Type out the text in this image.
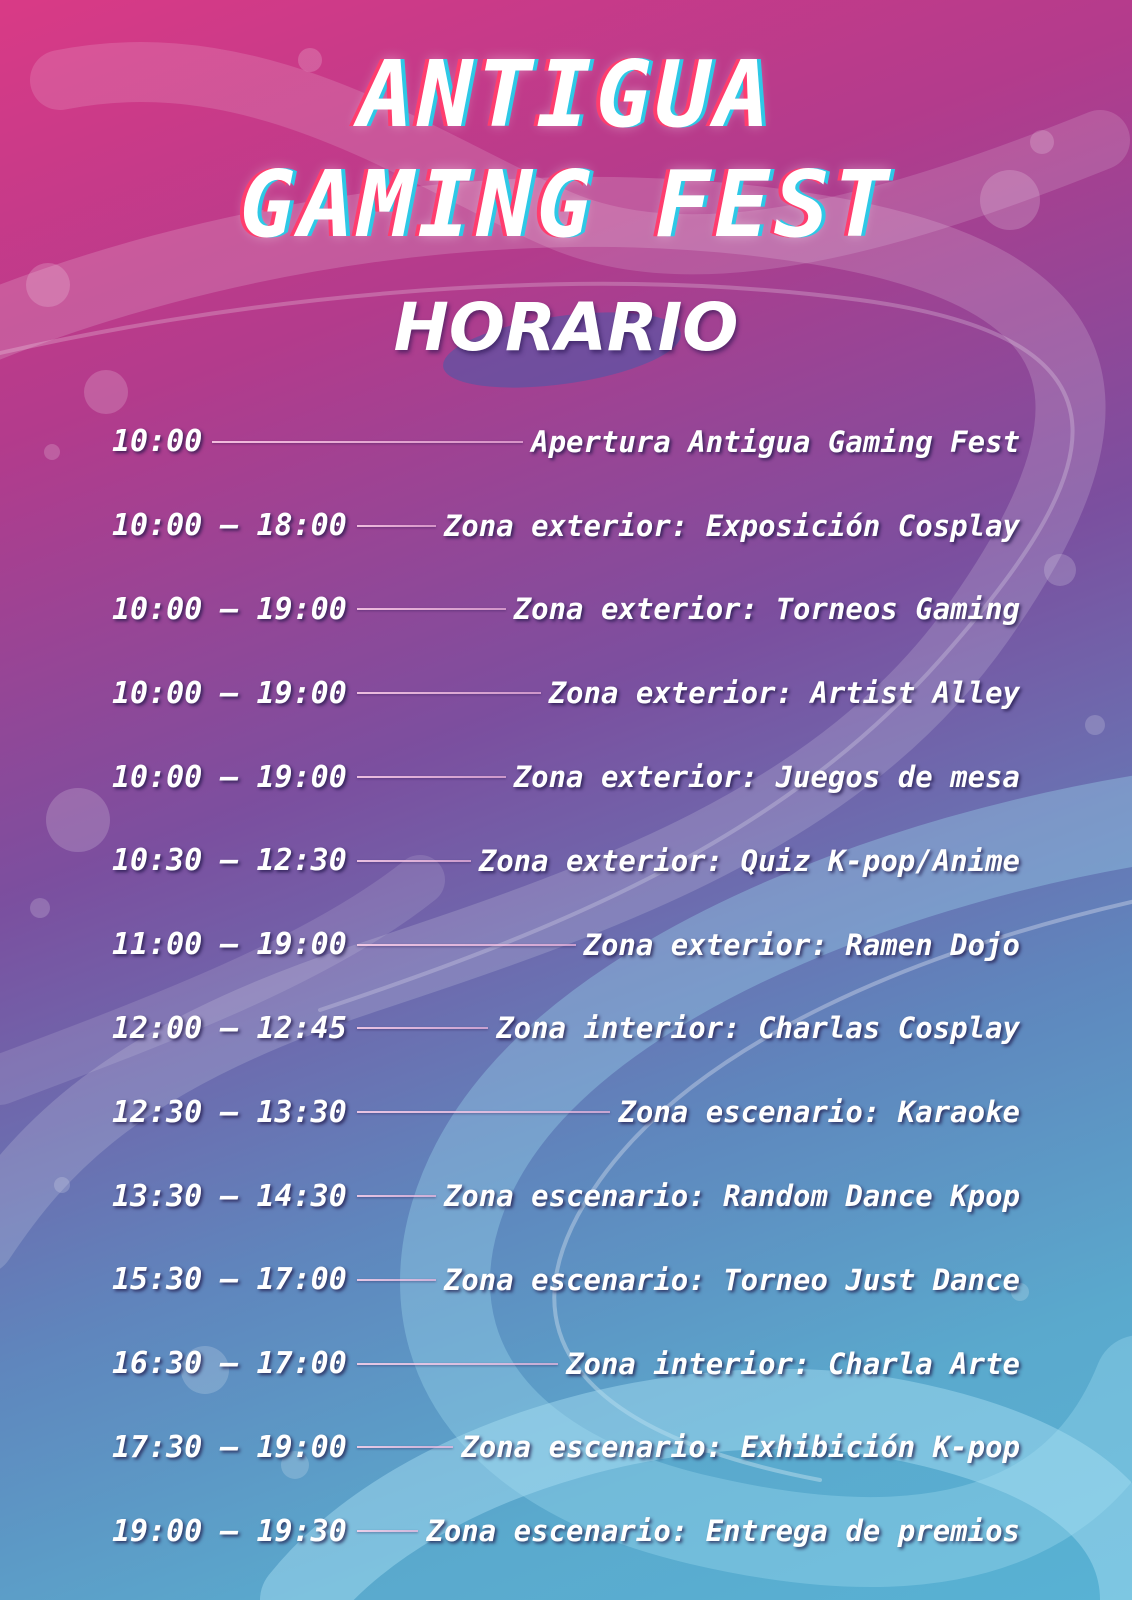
ANTIGUA
GAMING FEST
HORARIO
10:00	Apertura Antigua Gaming Fest
10:00 – 18:00	Zona exterior: Exposición Cosplay
10:00 – 19:00	Zona exterior: Torneos Gaming
10:00 – 19:00	Zona exterior: Artist Alley
10:00 – 19:00	Zona exterior: Juegos de mesa
10:30 – 12:30	Zona exterior: Quiz K-pop/Anime
11:00 – 19:00	Zona exterior: Ramen Dojo
12:00 – 12:45	Zona interior: Charlas Cosplay
12:30 – 13:30	Zona escenario: Karaoke
13:30 – 14:30	Zona escenario: Random Dance Kpop
15:30 – 17:00	Zona escenario: Torneo Just Dance
16:30 – 17:00	Zona interior: Charla Arte
17:30 – 19:00	Zona escenario: Exhibición K-pop
19:00 – 19:30	Zona escenario: Entrega de premios
